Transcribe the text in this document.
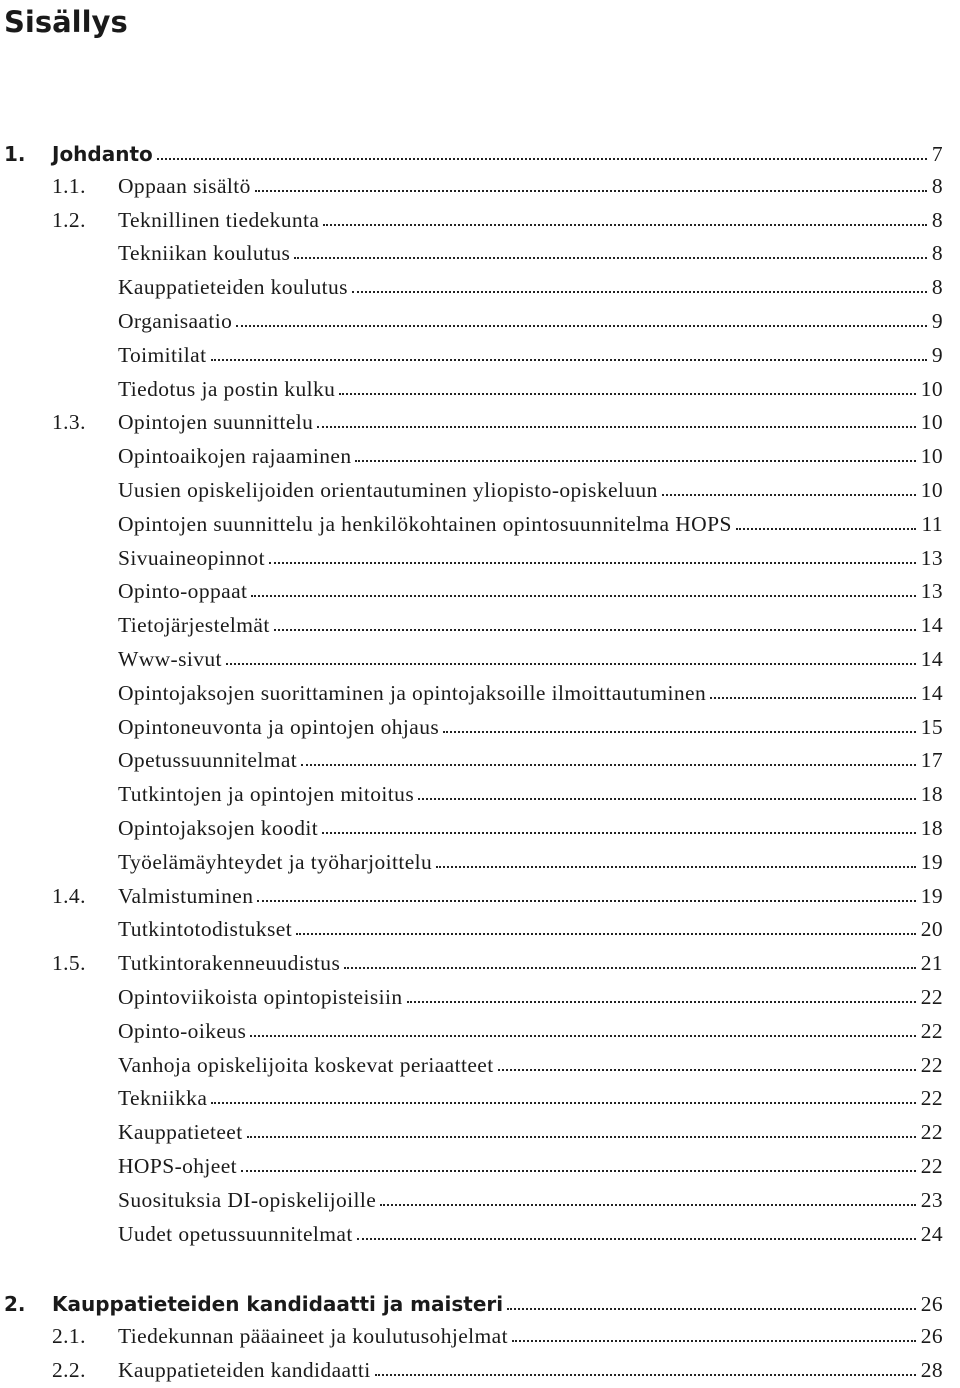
Sisällys
1. Johdanto	7
1.1. Oppaan sisältö	8
1.2. Teknillinen tiedekunta	8
Tekniikan koulutus	8
Kauppatieteiden koulutus	8
Organisaatio	9
Toimitilat	9
Tiedotus ja postin kulku	10
1.3. Opintojen suunnittelu	10
Opintoaikojen rajaaminen	10
Uusien opiskelijoiden orientautuminen yliopisto-opiskeluun	10
Opintojen suunnittelu ja henkilökohtainen opintosuunnitelma HOPS	11
Sivuaineopinnot	13
Opinto-oppaat	13
Tietojärjestelmät	14
Www-sivut	14
Opintojaksojen suorittaminen ja opintojaksoille ilmoittautuminen	14
Opintoneuvonta ja opintojen ohjaus	15
Opetussuunnitelmat	17
Tutkintojen ja opintojen mitoitus	18
Opintojaksojen koodit	18
Työelämäyhteydet ja työharjoittelu	19
1.4. Valmistuminen	19
Tutkintotodistukset	20
1.5. Tutkintorakenneuudistus	21
Opintoviikoista opintopisteisiin	22
Opinto-oikeus	22
Vanhoja opiskelijoita koskevat periaatteet	22
Tekniikka	22
Kauppatieteet	22
HOPS-ohjeet	22
Suosituksia DI-opiskelijoille	23
Uudet opetussuunnitelmat	24
2. Kauppatieteiden kandidaatti ja maisteri	26
2.1. Tiedekunnan pääaineet ja koulutusohjelmat	26
2.2. Kauppatieteiden kandidaatti	28
